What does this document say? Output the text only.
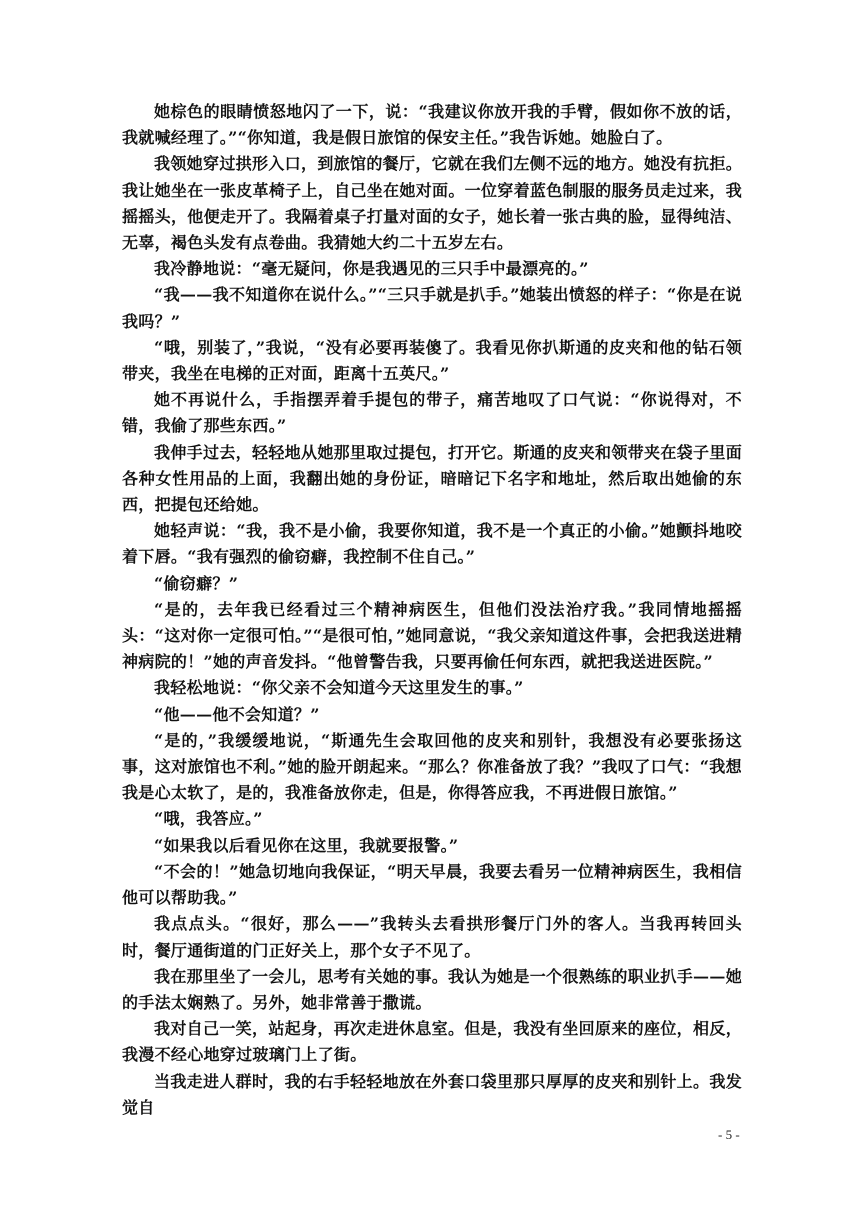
她棕色的眼睛愤怒地闪了一下，说：“我建议你放开我的手臂，假如你不放的话，我就喊经理了。”“你知道，我是假日旅馆的保安主任。”我告诉她。她脸白了。

我领她穿过拱形入口，到旅馆的餐厅，它就在我们左侧不远的地方。她没有抗拒。我让她坐在一张皮革椅子上，自己坐在她对面。一位穿着蓝色制服的服务员走过来，我摇摇头，他便走开了。我隔着桌子打量对面的女子，她长着一张古典的脸，显得纯洁、无辜，褐色头发有点卷曲。我猜她大约二十五岁左右。

我冷静地说：“毫无疑问，你是我遇见的三只手中最漂亮的。”

“我——我不知道你在说什么。”“三只手就是扒手。”她装出愤怒的样子：“你是在说我吗？”

“哦，别装了，”我说，“没有必要再装傻了。我看见你扒斯通的皮夹和他的钻石领带夹，我坐在电梯的正对面，距离十五英尺。”

她不再说什么，手指摆弄着手提包的带子，痛苦地叹了口气说：“你说得对，不错，我偷了那些东西。”

我伸手过去，轻轻地从她那里取过提包，打开它。斯通的皮夹和领带夹在袋子里面各种女性用品的上面，我翻出她的身份证，暗暗记下名字和地址，然后取出她偷的东西，把提包还给她。

她轻声说：“我，我不是小偷，我要你知道，我不是一个真正的小偷。”她颤抖地咬着下唇。“我有强烈的偷窃癖，我控制不住自己。”

“偷窃癖？”

“是的，去年我已经看过三个精神病医生，但他们没法治疗我。”我同情地摇摇头：“这对你一定很可怕。”“是很可怕，”她同意说，“我父亲知道这件事，会把我送进精神病院的！”她的声音发抖。“他曾警告我，只要再偷任何东西，就把我送进医院。”

我轻松地说：“你父亲不会知道今天这里发生的事。”

“他——他不会知道？”

“是的，”我缓缓地说，“斯通先生会取回他的皮夹和别针，我想没有必要张扬这事，这对旅馆也不利。”她的脸开朗起来。“那么？你准备放了我？”我叹了口气：“我想我是心太软了，是的，我准备放你走，但是，你得答应我，不再进假日旅馆。”

“哦，我答应。”

“如果我以后看见你在这里，我就要报警。”

“不会的！”她急切地向我保证，“明天早晨，我要去看另一位精神病医生，我相信他可以帮助我。”

我点点头。“很好，那么——”我转头去看拱形餐厅门外的客人。当我再转回头时，餐厅通街道的门正好关上，那个女子不见了。

我在那里坐了一会儿，思考有关她的事。我认为她是一个很熟练的职业扒手——她的手法太娴熟了。另外，她非常善于撒谎。

我对自己一笑，站起身，再次走进休息室。但是，我没有坐回原来的座位，相反，我漫不经心地穿过玻璃门上了街。

当我走进人群时，我的右手轻轻地放在外套口袋里那只厚厚的皮夹和别针上。我发觉自

- 5 -
